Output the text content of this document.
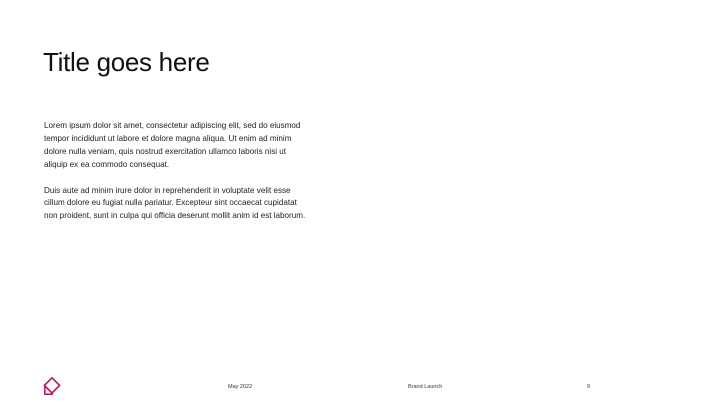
Title goes here

Lorem ipsum dolor sit amet, consectetur adipiscing elit, sed do eiusmod tempor incididunt ut labore et dolore magna aliqua. Ut enim ad minim dolore nulla veniam, quis nostrud exercitation ullamco laboris nisi ut aliquip ex ea commodo consequat.

Duis aute ad minim irure dolor in reprehenderit in voluptate velit esse cillum dolore eu fugiat nulla pariatur. Excepteur sint occaecat cupidatat non proident, sunt in culpa qui officia deserunt mollit anim id est laborum.

May 2022	Brand Launch	9
